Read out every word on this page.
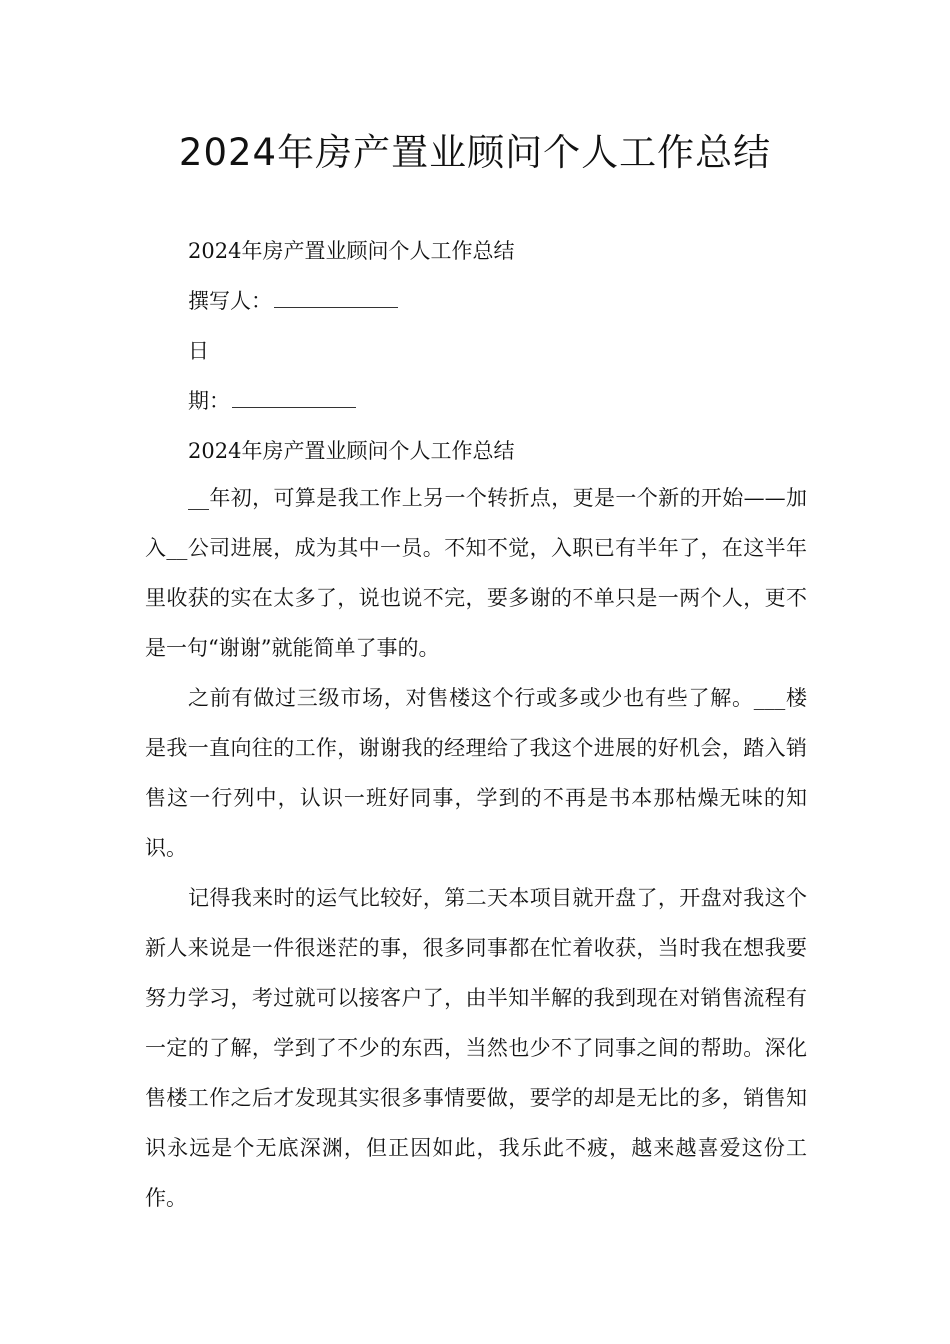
2024年房产置业顾问个人工作总结
2024年房产置业顾问个人工作总结
撰写人：
日
期：
2024年房产置业顾问个人工作总结

__年初，可算是我工作上另一个转折点，更是一个新的开始——加入__公司进展，成为其中一员。不知不觉，入职已有半年了，在这半年里收获的实在太多了，说也说不完，要多谢的不单只是一两个人，更不是一句“谢谢”就能简单了事的。

之前有做过三级市场，对售楼这个行或多或少也有些了解。___楼是我一直向往的工作，谢谢我的经理给了我这个进展的好机会，踏入销售这一行列中，认识一班好同事，学到的不再是书本那枯燥无味的知识。

记得我来时的运气比较好，第二天本项目就开盘了，开盘对我这个新人来说是一件很迷茫的事，很多同事都在忙着收获，当时我在想我要努力学习，考过就可以接客户了，由半知半解的我到现在对销售流程有一定的了解，学到了不少的东西，当然也少不了同事之间的帮助。深化售楼工作之后才发现其实很多事情要做，要学的却是无比的多，销售知识永远是个无底深渊，但正因如此，我乐此不疲，越来越喜爱这份工作。
